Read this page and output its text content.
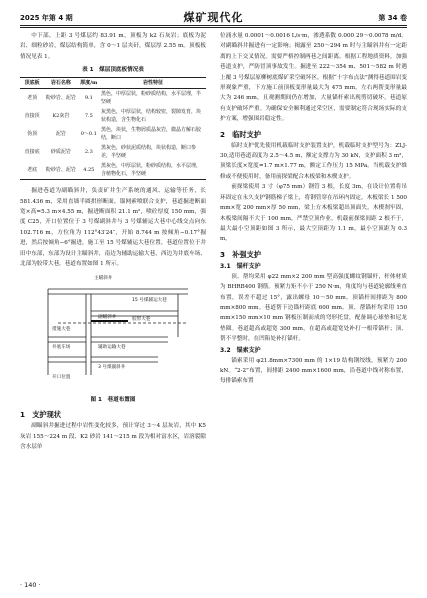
2025 年第 4 期	煤矿现代化	第 34 卷

中下部，上距 3 号煤层约 83.91 m，顶板为 k2 石灰岩；底板为泥岩、细粒砂岩，煤层结构简单，含 0～1 层夹矸，煤层厚 2.55 m。顶板板情况见表 1。

表 1　煤层顶底板情况表
顶底板	岩石名称	厚度/m	岩性特征
老顶	粉砂岩、泥岩	9.1	黑色，中厚层状，粉砂质结构，水平层理，半坚硬
直接顶	K2灰岩	7.5	灰黑色，中厚层状，结构较密，裂隙发育，块状构造，含生物化石
伪顶	泥岩	0～0.1	黑色，块状，生物屑质晶灰岩，微晶方解石胶结，断口
直接底	砂质泥岩	2.3	黑灰色，砂状泥质结构，块状构造，断口参差，半坚硬
老底	粉砂岩、泥岩	4.25	黑灰色，中厚层状，粉砂质结构，水平层理，含植物化石，半坚硬

掘进巷道为副瞄斜井，负责矿井生产系统的通风、运输等任务，长 581.436 m，采用直墙半圆拱形断面，锚网索喷联合支护，巷道掘进断面宽×高=5.3 m×4.55 m，掘进断面积 21.1 m²，喷砼厚度 150 mm，强度 C25，开口位置位于 3 号煤副斜井与 3 号煤辅运大巷中心线交点向东 102.716 m，方位角为 112°43′24″，开始 8.744 m 按倾角−0.17°掘进，然后按倾角−6°掘进，施工至 15 号煤辅运大巷位置。巷道位置位于井田中东部，东部为设计主瞄斜井，南边为辅助运输大巷，西边为井底车场、北部为胶带大巷。巷道布置如图 1 所示。

15 号煤辅运大巷
主瞄斜井
副瞄斜井	胶带大巷
措施大巷
井底车场	辅助运输大巷
3 号煤副斜井
开口位置
图 1　巷道布置图
1　支护现状

副瞄斜井掘进过程中岩性变化较多，预计穿过 3～4 层灰岩，其中 K5 灰岩 155～224 m 段、K2 砂岩 141～215 m 段为相对富水区，岩溶裂隙含水层单

位涌水量 0.0001～0.0016 L/s·m，渗透系数 0.000 29～0.0078 m/d。对副瞄斜井掘进有一定影响；揭露至 250～294 m 时与主瞄斜井有一定距离的上下交叉情况。需要严格控制两巷之间距离。根据工程地质资料，加强巷道支护，严防冒顶事故发生。掘进至 222～354 m、501～582 m 时遇上覆 3 号煤层原柳树底煤矿采空破坏区，根据“十字布点法”测得巷道围岩变形观象严重，下方施工前顶板变形量最大为 475 mm，左右两帮变形量最大为 246 mm，且观测期间仍在增加，大量锚杆索出现剪切破坏，巷道原有支护破坏严重。为确保安全顺利通过采空区，需要制定符合现场实际的支护方案，增强围岩稳定性。

2　临时支护

临时支护优先使用机载临时支护装置支护，机载临时支护型号为：ZLJ-30,适用巷道高度为 2.5～4.5 m，额定支撑力为 30 kN，支护面积 3 m²，顶梁长度×宽度=1.7 m×1.77 m，额定工作压力 15 MPa。当机载支护维修或不便使用时，备用前探梁配合木板梁和木楔支护。

前探梁使用 3 寸（φ75 mm）钢管 3 根，长度 3m，在设计位置将吊环固定在永久支护钢筋梯子梁上，将钢管穿在吊环内固定。木板梁长 1 500 mm×宽 200 mm×厚 50 mm，梁上方木板梁超出顶面失，木楔刹牢固，木板梁间隔不大于 100 mm，严禁空顶作业。机载前探梁间距 2 根不于，最大最小空顶距如图 3 所示，最大空顶距为 1.1 m，最小空顶距为 0.3 m。

3　补强支护
3.1　锚杆支护

顶、帮均采用 φ22 mm×2 200 mm 型高强度螺纹钢锚杆，杆体材质为 BHRB400 钢筋。预紧力矩不小于 250 N·m，角度均与巷道轮廓线垂直布置，误差不超过 15°，露出螺母 10～50 mm。顶锚杆间排距为 800 mm×800 mm。巷道帮下边锚杆距底 600 mm。顶、帮锚杆均采用 150 mm×150 mm×10 mm 钢板压制而成的弯形托盘，配备调心球垫和尼龙垫圈。巷道超高或超宽 300 mm，在超高或超宽处补打一根带锚杆；顶、帮不平整时，在凹陷处补打锚杆。

3.2　锚索支护

锚索采用 φ21.8mm×7300 mm 的 1×19 结构钢绞线，预紧力 200 kN。“2-2”布置，间排距 2400 mm×1600 mm，沿巷道中线对称布置，每排锚索布置

· 140 ·
